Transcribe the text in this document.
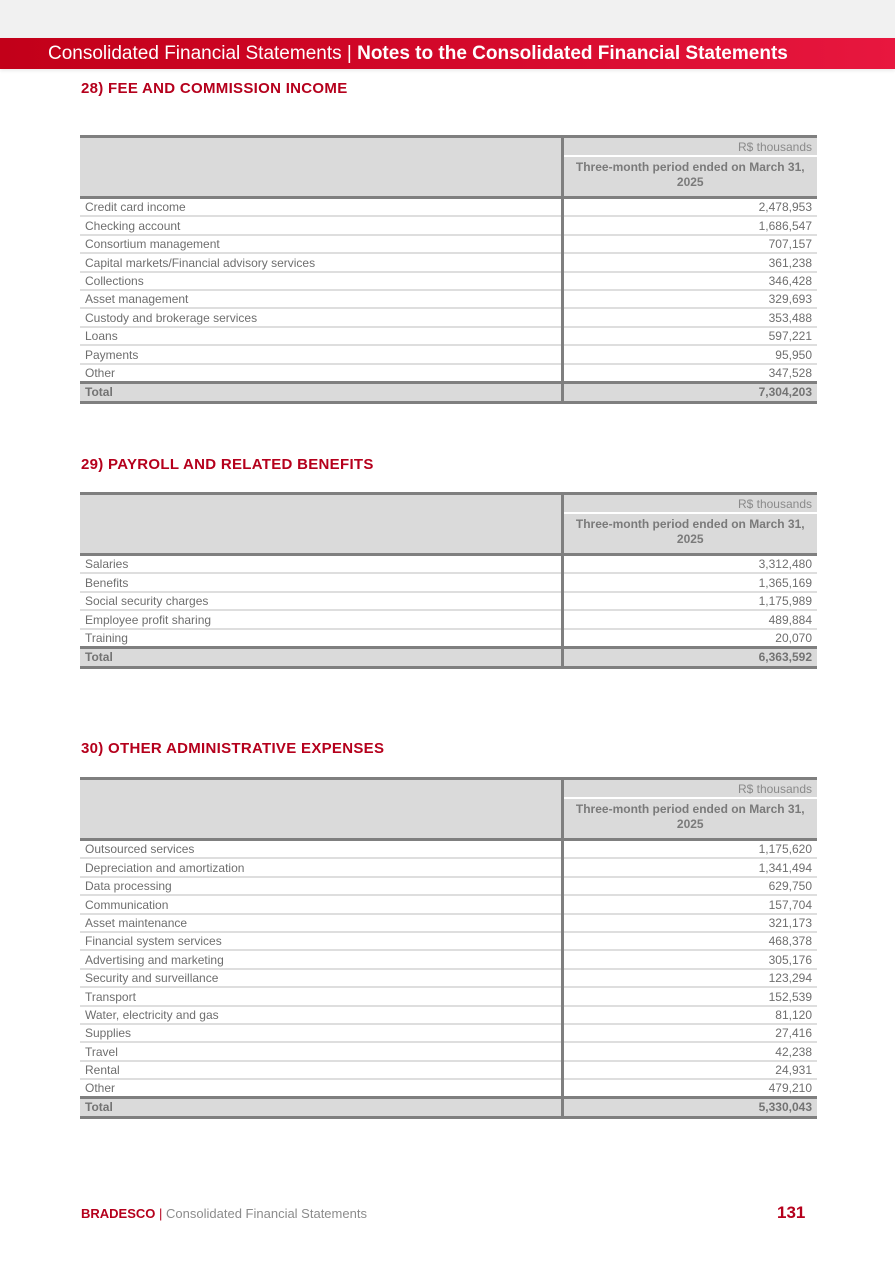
Consolidated Financial Statements | Notes to the Consolidated Financial Statements
28) FEE AND COMMISSION INCOME
	R$ thousands
	Three-month period ended on March 31, 2025
Credit card income	2,478,953
Checking account	1,686,547
Consortium management	707,157
Capital markets/Financial advisory services	361,238
Collections	346,428
Asset management	329,693
Custody and brokerage services	353,488
Loans	597,221
Payments	95,950
Other	347,528
Total	7,304,203
29) PAYROLL AND RELATED BENEFITS
	R$ thousands
	Three-month period ended on March 31, 2025
Salaries	3,312,480
Benefits	1,365,169
Social security charges	1,175,989
Employee profit sharing	489,884
Training	20,070
Total	6,363,592
30) OTHER ADMINISTRATIVE EXPENSES
	R$ thousands
	Three-month period ended on March 31, 2025
Outsourced services	1,175,620
Depreciation and amortization	1,341,494
Data processing	629,750
Communication	157,704
Asset maintenance	321,173
Financial system services	468,378
Advertising and marketing	305,176
Security and surveillance	123,294
Transport	152,539
Water, electricity and gas	81,120
Supplies	27,416
Travel	42,238
Rental	24,931
Other	479,210
Total	5,330,043
BRADESCO | Consolidated Financial Statements	131
